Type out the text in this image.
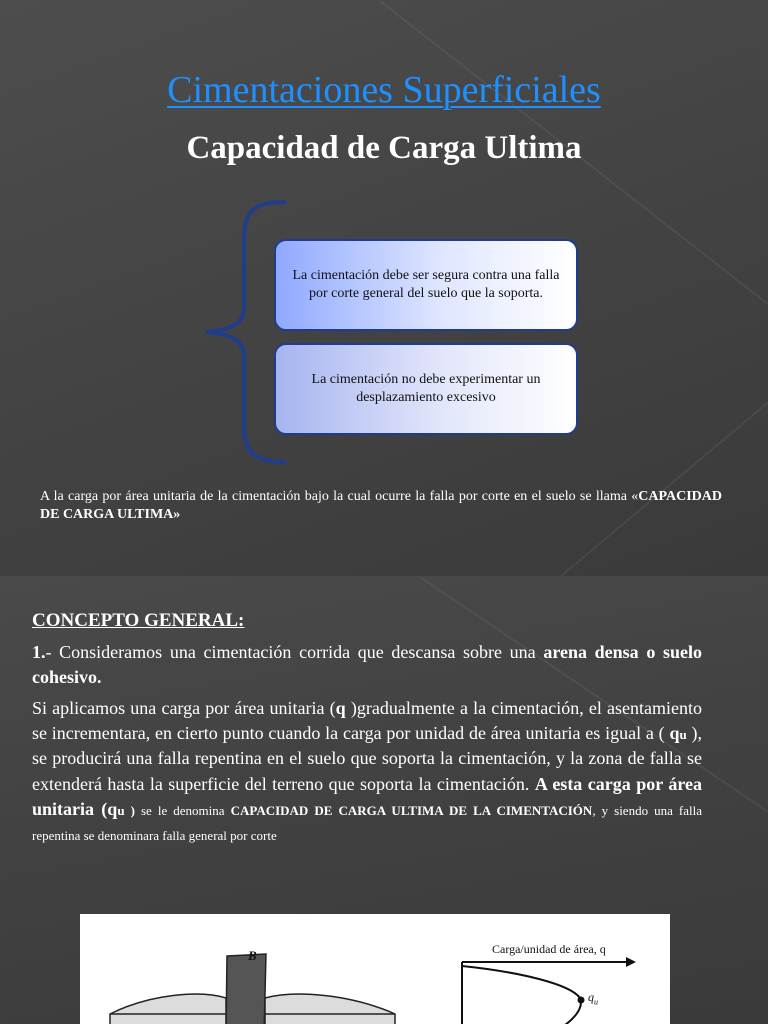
Cimentaciones Superficiales
Capacidad de Carga Ultima
La cimentación debe ser segura contra una falla por corte general del suelo que la soporta.
La cimentación no debe experimentar un desplazamiento excesivo
A la carga por área unitaria de la cimentación bajo la cual ocurre la falla por corte en el suelo se llama «CAPACIDAD DE CARGA ULTIMA»
CONCEPTO GENERAL:
1.- Consideramos una cimentación corrida que descansa sobre una arena densa o suelo cohesivo.
Si aplicamos una carga por área unitaria (q )gradualmente a la cimentación, el asentamiento se incrementara, en cierto punto cuando la carga por unidad de área unitaria es igual a ( qu ), se producirá una falla repentina en el suelo que soporta la cimentación, y la zona de falla se extenderá hasta la superficie del terreno que soporta la cimentación. A esta carga por área unitaria (qu ) se le denomina CAPACIDAD DE CARGA ULTIMA DE LA CIMENTACIÓN, y siendo una falla repentina se denominara falla general por corte
B	Carga/unidad de área, q
$q_u$
